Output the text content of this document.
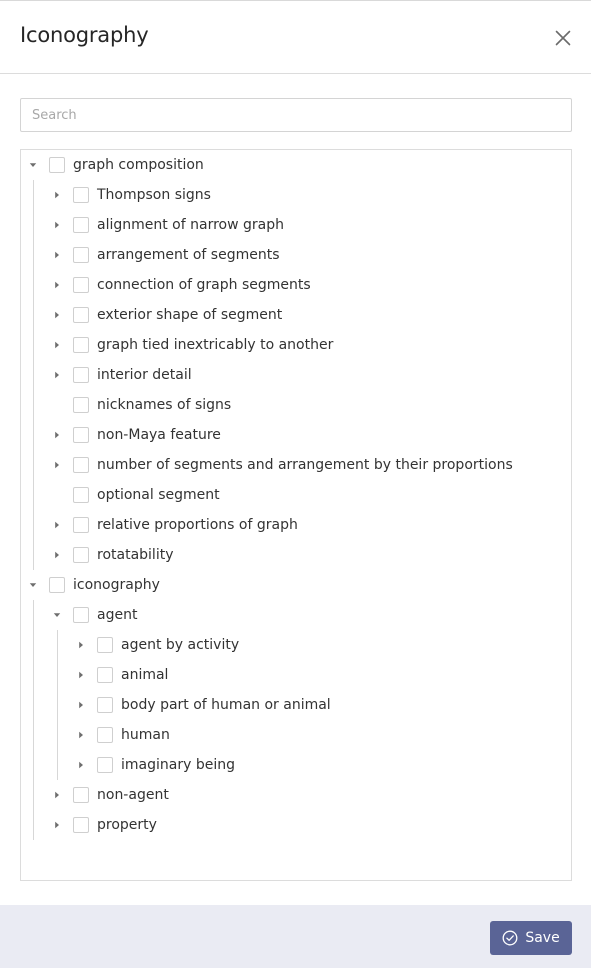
Iconography
Search
graph composition
Thompson signs
alignment of narrow graph
arrangement of segments
connection of graph segments
exterior shape of segment
graph tied inextricably to another
interior detail
nicknames of signs
non-Maya feature
number of segments and arrangement by their proportions
optional segment
relative proportions of graph
rotatability
iconography
agent
agent by activity
animal
body part of human or animal
human
imaginary being
non-agent
property
Save
